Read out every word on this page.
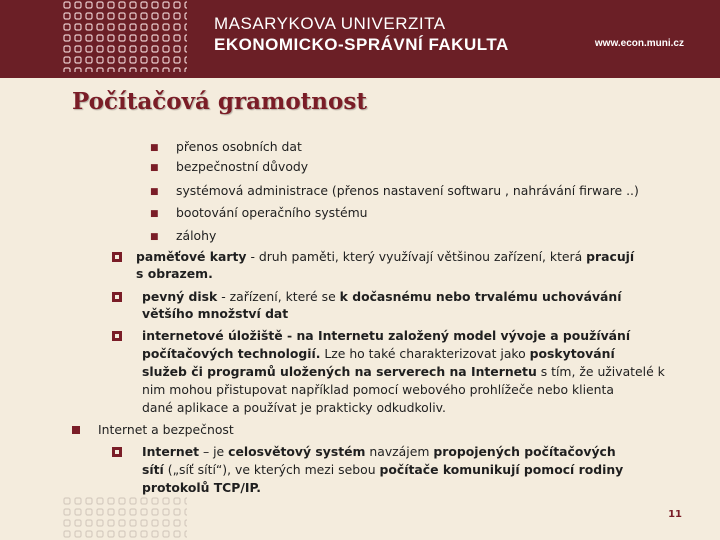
MASARYKOVA UNIVERZITA
EKONOMICKO-SPRÁVNÍ FAKULTA	www.econ.muni.cz
Počítačová gramotnost
■ přenos osobních dat
■ bezpečnostní důvody
■ systémová administrace (přenos nastavení softwaru , nahrávání firware ..)
■ bootování operačního systému
■ zálohy
paměťové karty - druh paměti, který využívají většinou zařízení, která pracují
s obrazem.
pevný disk - zařízení, které se k dočasnému nebo trvalému uchovávání
většího množství dat
internetové úložiště - na Internetu založený model vývoje a používání
počítačových technologií. Lze ho také charakterizovat jako poskytování
služeb či programů uložených na serverech na Internetu s tím, že uživatelé k
nim mohou přistupovat například pomocí webového prohlížeče nebo klienta
dané aplikace a používat je prakticky odkudkoliv.
Internet a bezpečnost
Internet – je celosvětový systém navzájem propojených počítačových
sítí („síť sítí“), ve kterých mezi sebou počítače komunikují pomocí rodiny
protokolů TCP/IP.
11
